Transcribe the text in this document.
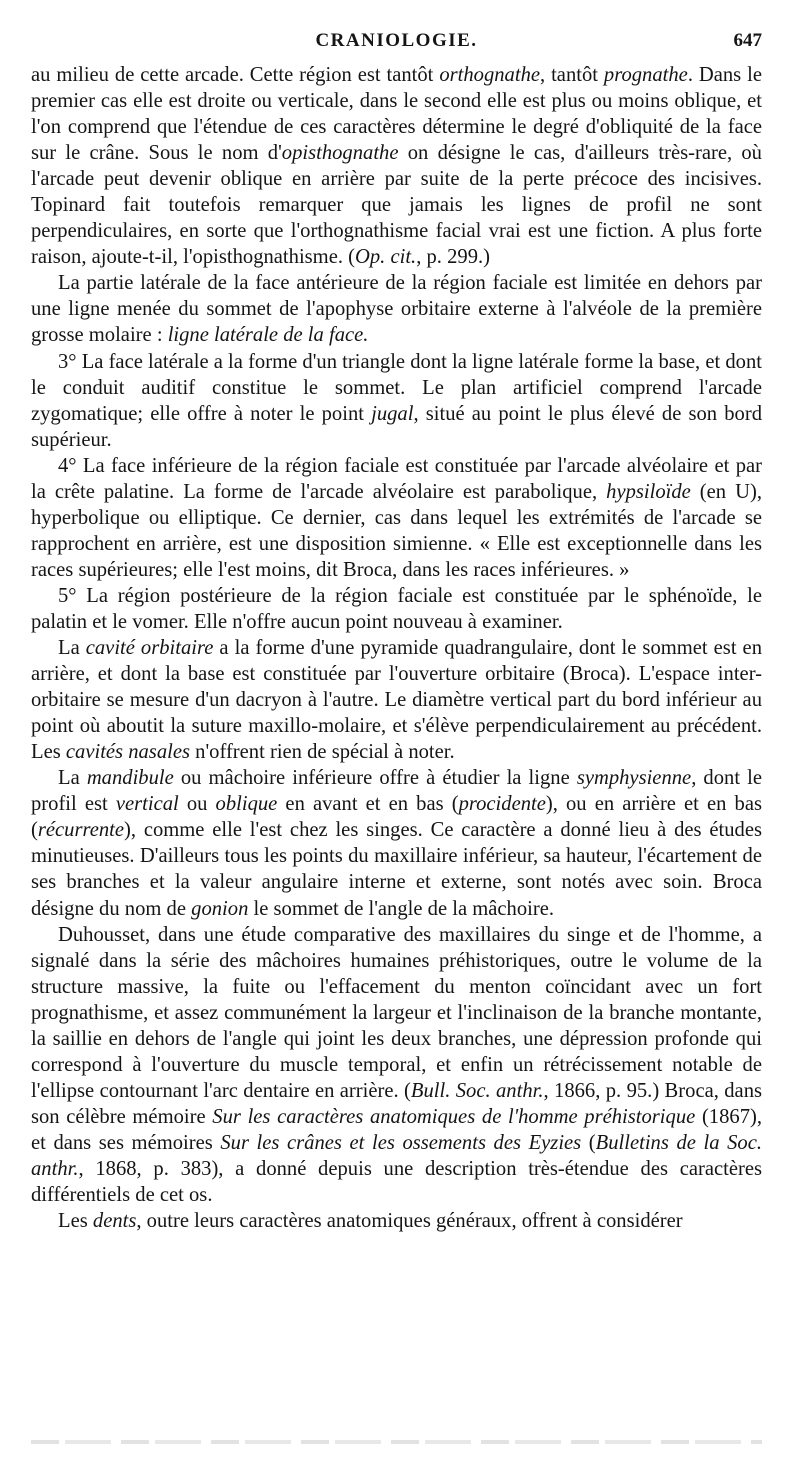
CRANIOLOGIE.	647

au milieu de cette arcade. Cette région est tantôt orthognathe, tantôt prognathe. Dans le premier cas elle est droite ou verticale, dans le second elle est plus ou moins oblique, et l'on comprend que l'étendue de ces caractères détermine le degré d'obliquité de la face sur le crâne. Sous le nom d'opisthognathe on désigne le cas, d'ailleurs très-rare, où l'arcade peut devenir oblique en arrière par suite de la perte précoce des incisives. Topinard fait toutefois remarquer que jamais les lignes de profil ne sont perpendiculaires, en sorte que l'orthognathisme facial vrai est une fiction. A plus forte raison, ajoute-t-il, l'opisthognathisme. (Op. cit., p. 299.)

La partie latérale de la face antérieure de la région faciale est limitée en dehors par une ligne menée du sommet de l'apophyse orbitaire externe à l'alvéole de la première grosse molaire : ligne latérale de la face.

3° La face latérale a la forme d'un triangle dont la ligne latérale forme la base, et dont le conduit auditif constitue le sommet. Le plan artificiel comprend l'arcade zygomatique; elle offre à noter le point jugal, situé au point le plus élevé de son bord supérieur.

4° La face inférieure de la région faciale est constituée par l'arcade alvéolaire et par la crête palatine. La forme de l'arcade alvéolaire est parabolique, hypsiloïde (en U), hyperbolique ou elliptique. Ce dernier, cas dans lequel les extrémités de l'arcade se rapprochent en arrière, est une disposition simienne. « Elle est exceptionnelle dans les races supérieures; elle l'est moins, dit Broca, dans les races inférieures. »

5° La région postérieure de la région faciale est constituée par le sphénoïde, le palatin et le vomer. Elle n'offre aucun point nouveau à examiner.

La cavité orbitaire a la forme d'une pyramide quadrangulaire, dont le sommet est en arrière, et dont la base est constituée par l'ouverture orbitaire (Broca). L'espace inter-orbitaire se mesure d'un dacryon à l'autre. Le diamètre vertical part du bord inférieur au point où aboutit la suture maxillo-molaire, et s'élève perpendiculairement au précédent. Les cavités nasales n'offrent rien de spécial à noter.

La mandibule ou mâchoire inférieure offre à étudier la ligne symphysienne, dont le profil est vertical ou oblique en avant et en bas (procidente), ou en arrière et en bas (récurrente), comme elle l'est chez les singes. Ce caractère a donné lieu à des études minutieuses. D'ailleurs tous les points du maxillaire inférieur, sa hauteur, l'écartement de ses branches et la valeur angulaire interne et externe, sont notés avec soin. Broca désigne du nom de gonion le sommet de l'angle de la mâchoire.

Duhousset, dans une étude comparative des maxillaires du singe et de l'homme, a signalé dans la série des mâchoires humaines préhistoriques, outre le volume de la structure massive, la fuite ou l'effacement du menton coïncidant avec un fort prognathisme, et assez communément la largeur et l'inclinaison de la branche montante, la saillie en dehors de l'angle qui joint les deux branches, une dépression profonde qui correspond à l'ouverture du muscle temporal, et enfin un rétrécissement notable de l'ellipse contournant l'arc dentaire en arrière. (Bull. Soc. anthr., 1866, p. 95.) Broca, dans son célèbre mémoire Sur les caractères anatomiques de l'homme préhistorique (1867), et dans ses mémoires Sur les crânes et les ossements des Eyzies (Bulletins de la Soc. anthr., 1868, p. 383), a donné depuis une description très-étendue des caractères différentiels de cet os.

Les dents, outre leurs caractères anatomiques généraux, offrent à considérer
